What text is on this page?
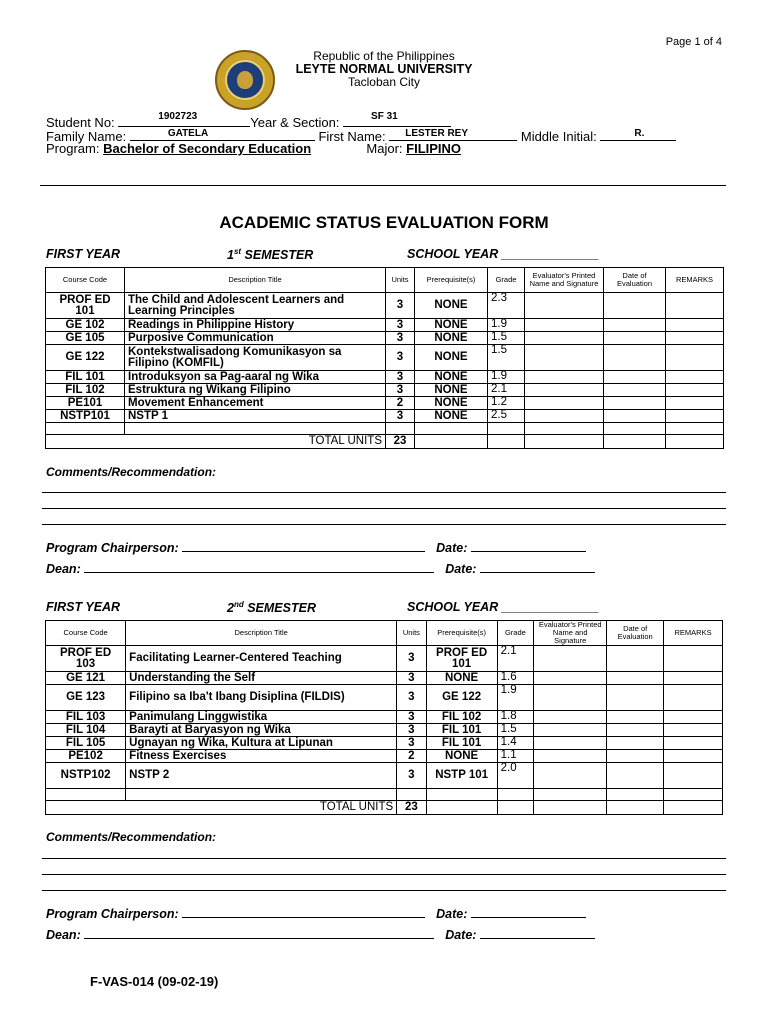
Page 1 of 4
Republic of the Philippines
LEYTE NORMAL UNIVERSITY
Tacloban City
Student No:	1902723	Year & Section:	SF 31
Family Name:	GATELA	First Name: LESTER REY	Middle Initial:	R.
Program: Bachelor of Secondary Education	Major: FILIPINO
ACADEMIC STATUS EVALUATION FORM
FIRST YEAR	1st SEMESTER	SCHOOL YEAR ______________
Course Code	Description Title	Units	Prerequisite(s)	Grade	Evaluator's Printed Name and Signature	Date of Evaluation	REMARKS
PROF ED 101	The Child and Adolescent Learners and Learning Principles	3	NONE	2.3			
GE 102	Readings in Philippine History	3	NONE	1.9			
GE 105	Purposive Communication	3	NONE	1.5			
GE 122	Kontekstwalisadong Komunikasyon sa Filipino (KOMFIL)	3	NONE	1.5			
FIL 101	Introduksyon sa Pag-aaral ng Wika	3	NONE	1.9			
FIL 102	Estruktura ng Wikang Filipino	3	NONE	2.1			
PE101	Movement Enhancement	2	NONE	1.2			
NSTP101	NSTP 1	3	NONE	2.5			

	TOTAL UNITS	23					
Comments/Recommendation:
Program Chairperson:	Date:
Dean:	Date:
FIRST YEAR	2nd SEMESTER	SCHOOL YEAR ______________
Course Code	Description Title	Units	Prerequisite(s)	Grade	Evaluator's Printed Name and Signature	Date of Evaluation	REMARKS
PROF ED 103	Facilitating Learner-Centered Teaching	3	PROF ED 101	2.1			
GE 121	Understanding the Self	3	NONE	1.6			
GE 123	Filipino sa Iba't Ibang Disiplina (FILDIS)	3	GE 122	1.9			
FIL 103	Panimulang Linggwistika	3	FIL 102	1.8			
FIL 104	Barayti at Baryasyon ng Wika	3	FIL 101	1.5			
FIL 105	Ugnayan ng Wika, Kultura at Lipunan	3	FIL 101	1.4			
PE102	Fitness Exercises	2	NONE	1.1			
NSTP102	NSTP 2	3	NSTP 101	2.0			

	TOTAL UNITS	23					
Comments/Recommendation:
Program Chairperson:	Date:
Dean:	Date:
F-VAS-014 (09-02-19)
